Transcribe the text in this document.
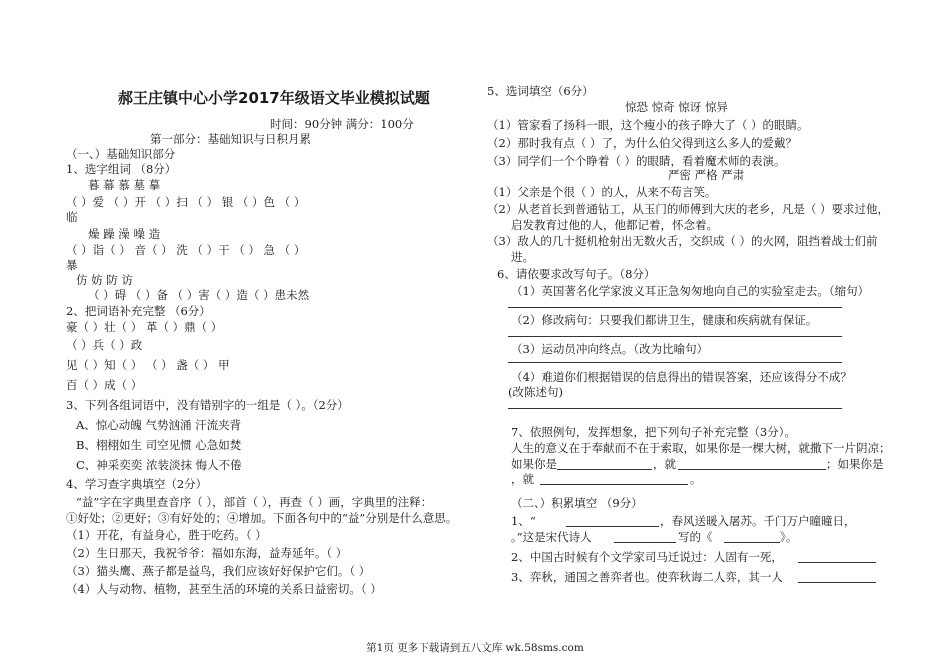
郝王庄镇中心小学2017年级语文毕业模拟试题
时间：90分钟 满分：100分
第一部分：基础知识与日积月累
（一、）基础知识部分
1、选字组词 （8分）
暮 幕 慕 墓 摹
（ ）爱 （ ）开 （ ）扫 （ ） 银 （ ）色 （ ）
临
燥 躁 澡 噪 造
（ ）诣（ ） 音（ ） 洗 （ ）干 （ ） 急 （ ）
暴
仿 妨 防 访
（ ）碍 （ ）备 （ ）害（ ）造（ ）患未然
2、把词语补充完整 （6分）
豪（ ）壮（ ） 革（ ）鼎（ ）
（ ）兵（ ）政
见（ ）知（ ） （ ） 盏（ ） 甲
百（ ）成（ ）
3、下列各组词语中，没有错别字的一组是（ ）。（2分）
A、惊心动魄 气势汹涌 汗流夹背
B、栩栩如生 司空见惯 心急如焚
C、神采奕奕 浓装淡抹 悔人不倦
4、学习查字典填空（2分）
“益”字在字典里查音序（ ），部首（ ），再查（ ）画，字典里的注释：
①好处；②更好；③有好处的；④增加。下面各句中的“益”分别是什么意思。
（1）开花，有益身心，胜于吃药。（ ）
（2）生日那天，我祝爷爷：福如东海，益寿延年。（ ）
（3）猫头鹰、燕子都是益鸟，我们应该好好保护它们。（ ）
（4）人与动物、植物，甚至生活的环境的关系日益密切。（ ）
5、选词填空（6分）
惊恐 惊奇 惊讶 惊异
（1）管家看了扬科一眼，这个瘦小的孩子睁大了（ ）的眼睛。
（2）那时我有点（ ）了，为什么伯父得到这么多人的爱戴？
（3）同学们一个个睁着（ ）的眼睛，看着魔术师的表演。
严密 严格 严肃
（1）父亲是个很（ ）的人，从来不苟言笑。
（2）从老首长到普通钻工，从玉门的师傅到大庆的老乡，凡是（ ）要求过他，
启发教育过他的人，他都记着，怀念着。
（3）敌人的几十挺机枪射出无数火舌，交织成（ ）的火网，阻挡着战士们前
进。
6、请依要求改写句子。（8分）
（1）英国著名化学家波义耳正急匆匆地向自己的实验室走去。（缩句）
（2）修改病句：只要我们都讲卫生，健康和疾病就有保证。
（3）运动员冲向终点。（改为比喻句）
（4）难道你们根据错误的信息得出的错误答案，还应该得分不成？
(改陈述句)
7、依照例句，发挥想象，把下列句子补充完整（3分）。
人生的意义在于奉献而不在于索取，如果你是一棵大树，就撒下一片阴凉；
如果你是	，就	；如果你是
，就	。
（二、）积累填空 （9分）
1、“	，春风送暖入屠苏。千门万户曈曈日，
。”这是宋代诗人	写的《	》。
2、中国古时候有个文学家司马迁说过：人固有一死，
3、弈秋，通国之善弈者也。使弈秋诲二人弈，其一人
第1页 更多下载请到五八文库 wk.58sms.com
